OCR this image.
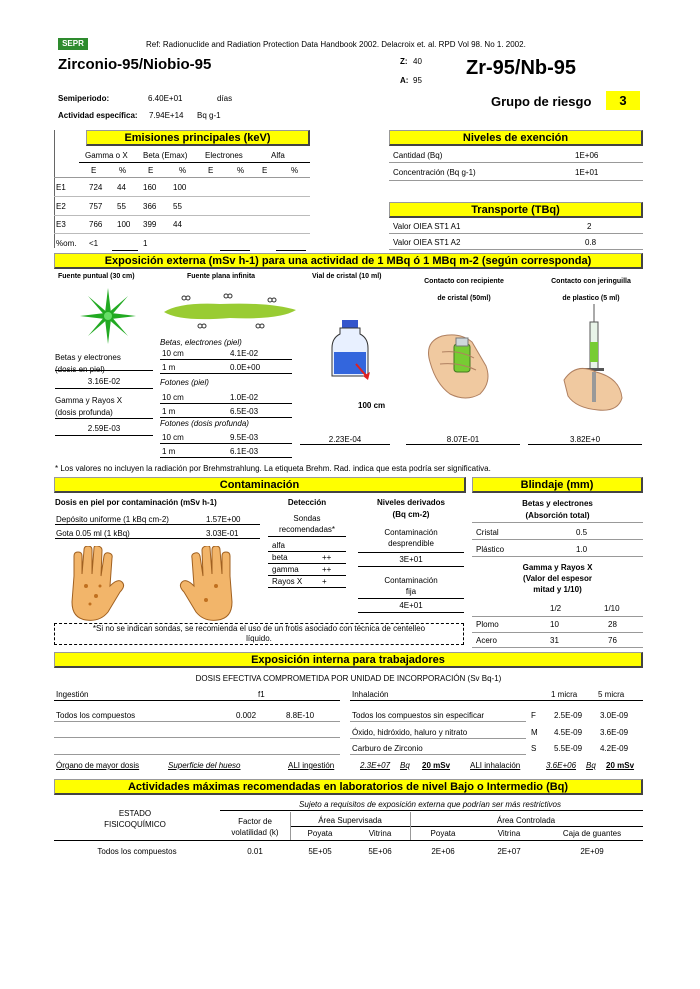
SEPR	Ref: Radionuclide and Radiation Protection Data Handbook 2002. Delacroix et. al. RPD Vol 98. No 1. 2002.
Zirconio-95/Niobio-95	Z: 40
A: 95
Zr-95/Nb-95
Semiperiodo:	6.40E+01	días
Actividad específica: 7.94E+14 Bq g-1
Grupo de riesgo	3
Emisiones principales (keV)
Gamma o X Beta (Emax) Electrones	Alfa
E	%	E	%	E	% E	%
E1	724 44 160 100
E2	757 55 366 55
E3	766 100 399 44
%om. <1	1
Niveles de exención
Cantidad (Bq)	1E+06
Concentración (Bq g-1)	1E+01
Transporte (TBq)
Valor OIEA ST1 A1	2
Valor OIEA ST1 A2	0.8
Exposición externa (mSv h-1) para una actividad de 1 MBq ó 1 MBq m-2 (según corresponda)
Fuente puntual (30 cm)	Fuente plana infinita	Vial de cristal (10 ml)
Contacto con recipiente
de cristal (50ml)
Contacto con jeringuilla
de plastico (5 ml)
100 cm
Betas y electrones
3.16E-02
Gamma y Rayos X
(dosis profunda)
2.59E-03
Betas, electrones (piel)
Fotones (piel)
Fotones (dosis profunda)
10 cm	4.1E-02
1 m	0.0E+00
10 cm	1.0E-02
1 m	6.5E-03
10 cm	9.5E-03
1 m	6.1E-03
2.23E-04	8.07E-01	3.82E+0
* Los valores no incluyen la radiación por Brehmstrahlung. La etiqueta Brehm. Rad. indica que esta podría ser significativa.
Contaminación
Dosis en piel por contaminación (mSv h-1)
Depósito uniforme (1 kBq cm-2)	1.57E+00
Gota 0.05 ml (1 kBq)	3.03E-01
Detección
Sondas
recomendadas*
alfa
beta	++
gamma	++
Rayos X +
Niveles derivados
(Bq cm-2)
Contaminación
desprendible
3E+01
Contaminación
fija
4E+01
*Si no se indican sondas, se recomienda el uso de un frotis asociado con técnica de centelleo
líquido.
Blindaje (mm)
Betas y electrones
(Absorción total)
Cristal	0.5
Plástico	1.0
Gamma y Rayos X
(Valor del espesor
mitad y 1/10)
1/2	1/10
Plomo	10	28
Acero	31	76
Exposición interna para trabajadores
DOSIS EFECTIVA COMPROMETIDA POR UNIDAD DE INCORPORACIÓN (Sv Bq-1)
Ingestión	f1
Todos los compuestos	0.002	8.8E-10
Inhalación	1 micra	5 micra
Todos los compuestos sin especificar	F 2.5E-09 3.0E-09
Óxido, hidróxido, haluro y nitrato	M 4.5E-09 3.6E-09
Carburo de Zirconio	S 5.5E-09 4.2E-09
Órgano de mayor dosis	Superficie del hueso	ALI ingestión	2.3E+07 Bq 20 mSv ALI inhalación	3.6E+06 Bq 20 mSv
Actividades máximas recomendadas en laboratorios de nivel Bajo o Intermedio (Bq)
Sujeto a requisitos de exposición externa que podrían ser más restrictivos
ESTADO
FISICOQUÍMICO	Factor de
volatilidad (k)
Área Supervisada	Área Controlada
Poyata	Vitrina	Poyata	Vitrina	Caja de guantes
Todos los compuestos	0.01	5E+05	5E+06	2E+06	2E+07	2E+09
